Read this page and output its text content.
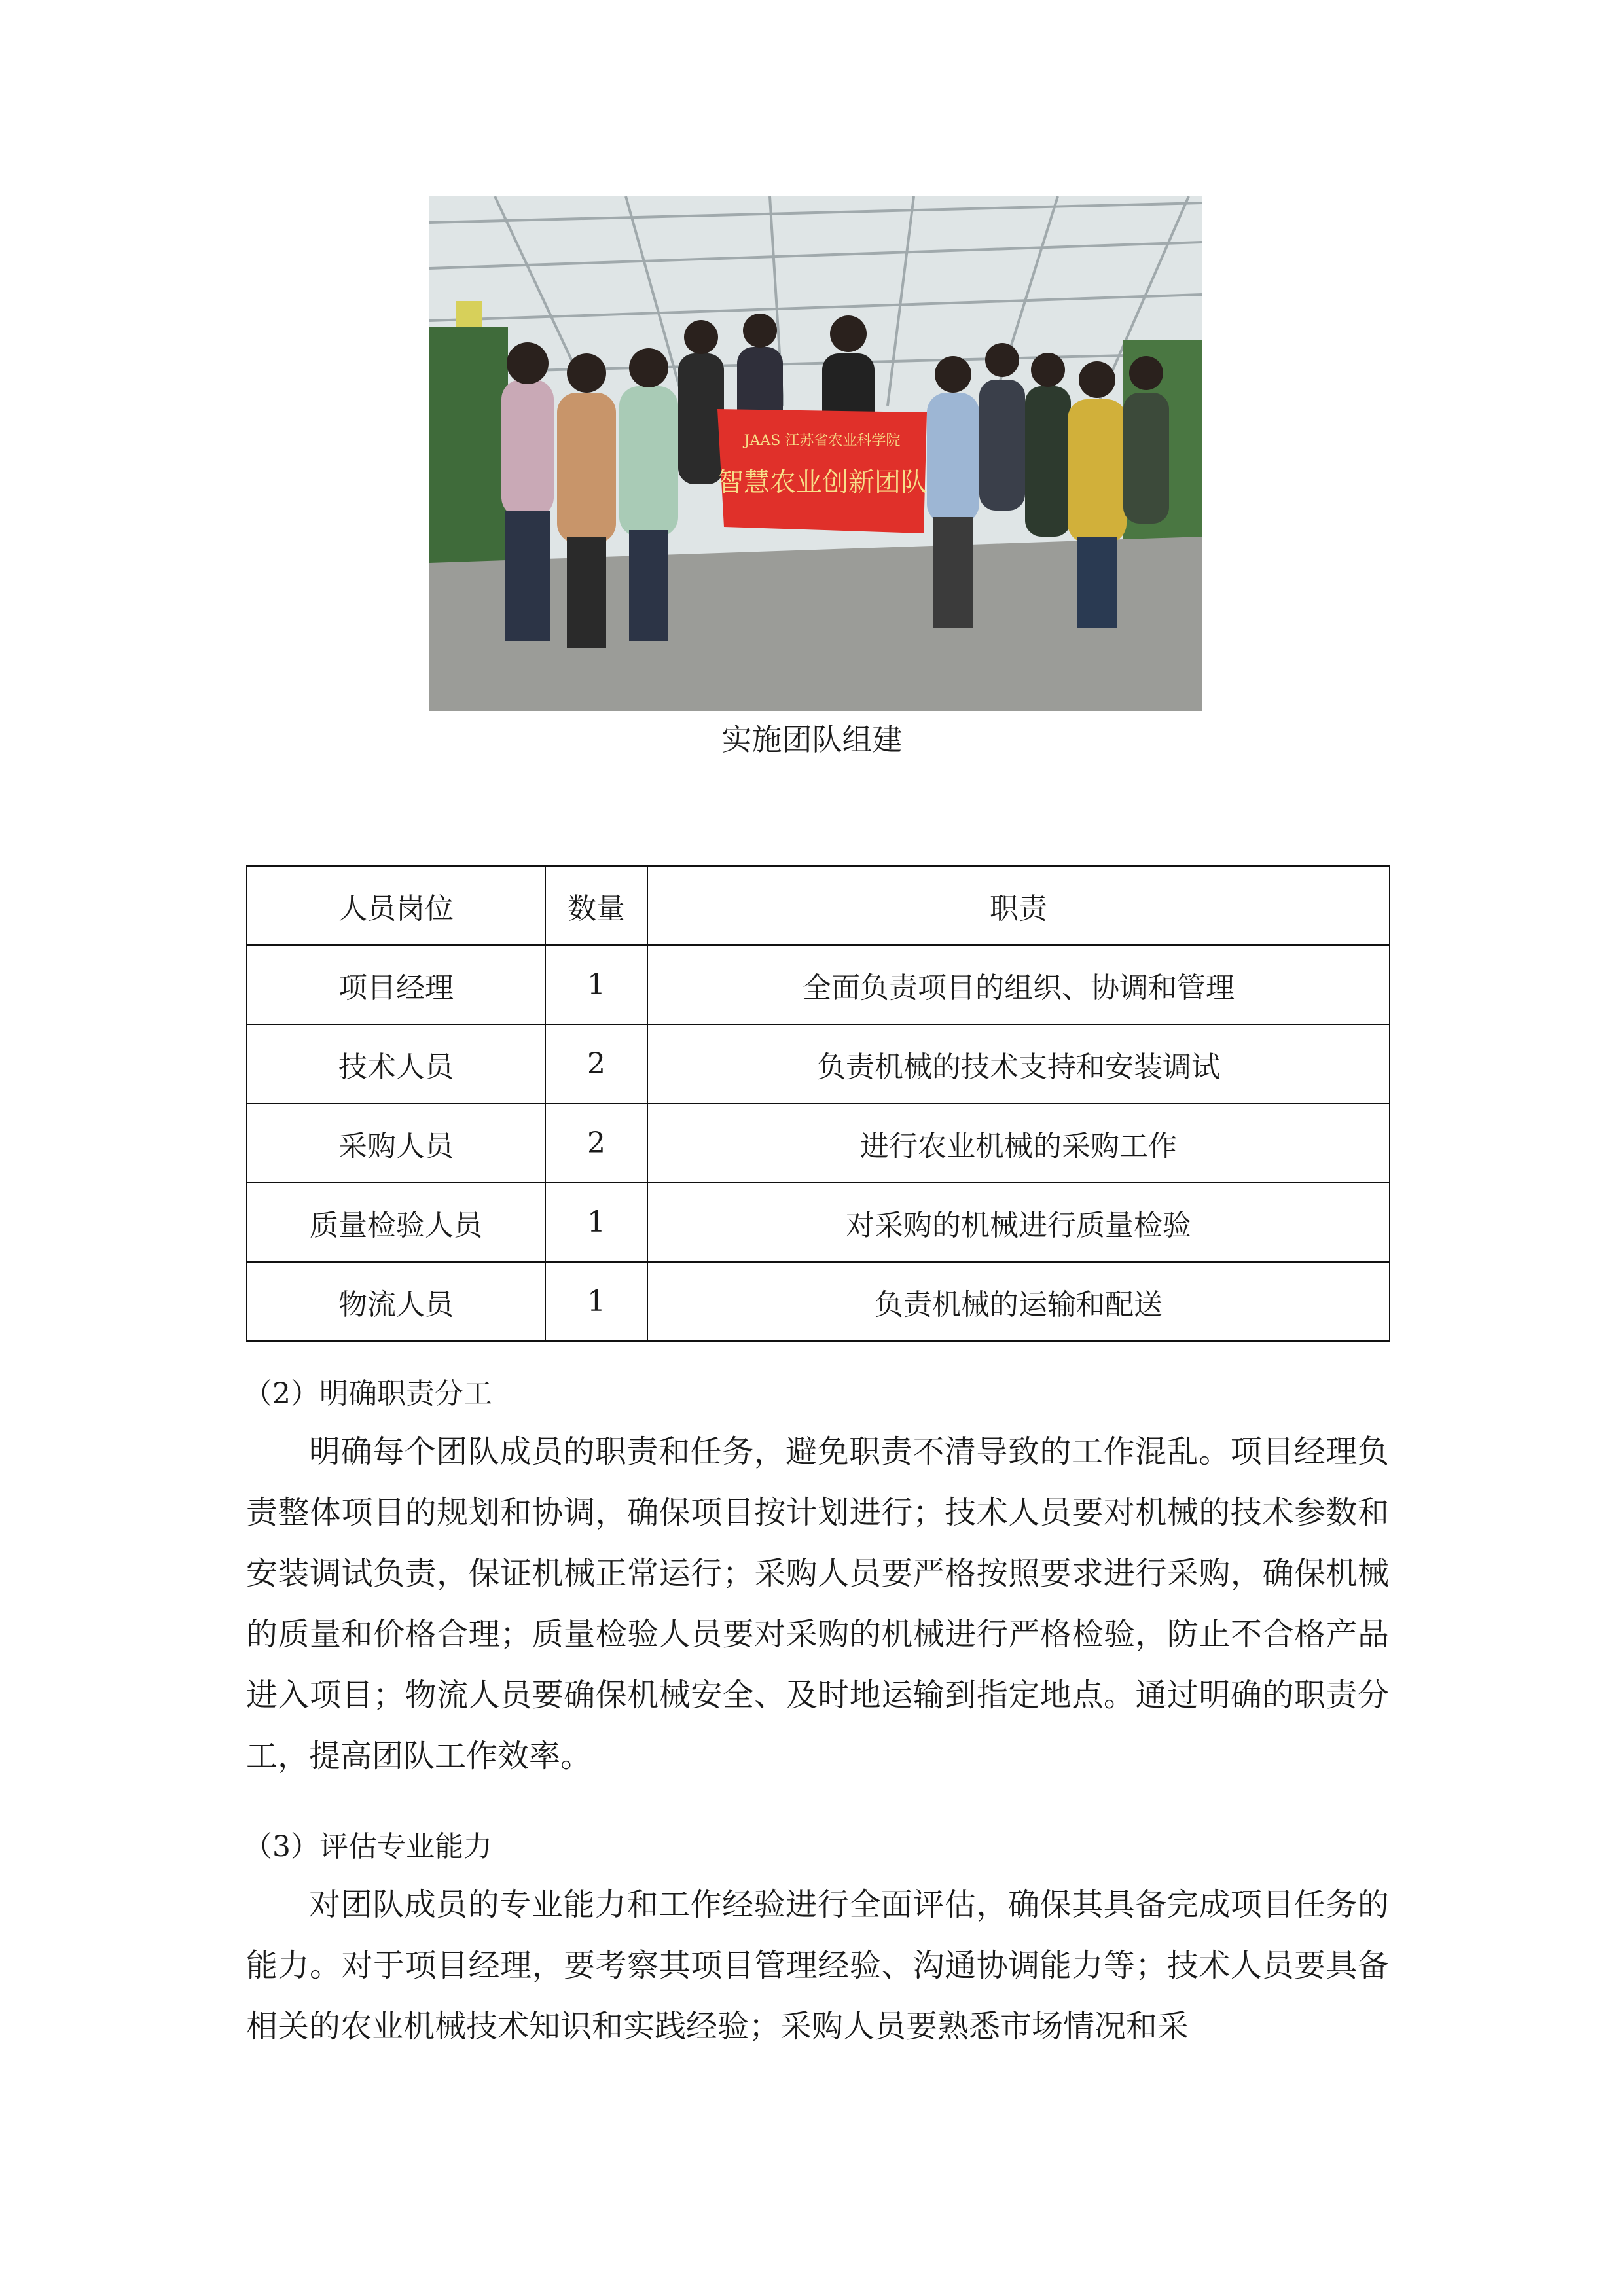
JAAS 江苏省农业科学院
智慧农业创新团队
实施团队组建
人员岗位	数量	职责
项目经理	1	全面负责项目的组织、协调和管理
技术人员	2	负责机械的技术支持和安装调试
采购人员	2	进行农业机械的采购工作
质量检验人员	1	对采购的机械进行质量检验
物流人员	1	负责机械的运输和配送
（2）明确职责分工

明确每个团队成员的职责和任务，避免职责不清导致的工作混乱。项目经理负责整体项目的规划和协调，确保项目按计划进行；技术人员要对机械的技术参数和安装调试负责，保证机械正常运行；采购人员要严格按照要求进行采购，确保机械的质量和价格合理；质量检验人员要对采购的机械进行严格检验，防止不合格产品进入项目；物流人员要确保机械安全、及时地运输到指定地点。通过明确的职责分工，提高团队工作效率。

（3）评估专业能力

对团队成员的专业能力和工作经验进行全面评估，确保其具备完成项目任务的能力。对于项目经理，要考察其项目管理经验、沟通协调能力等；技术人员要具备相关的农业机械技术知识和实践经验；采购人员要熟悉市场情况和采
